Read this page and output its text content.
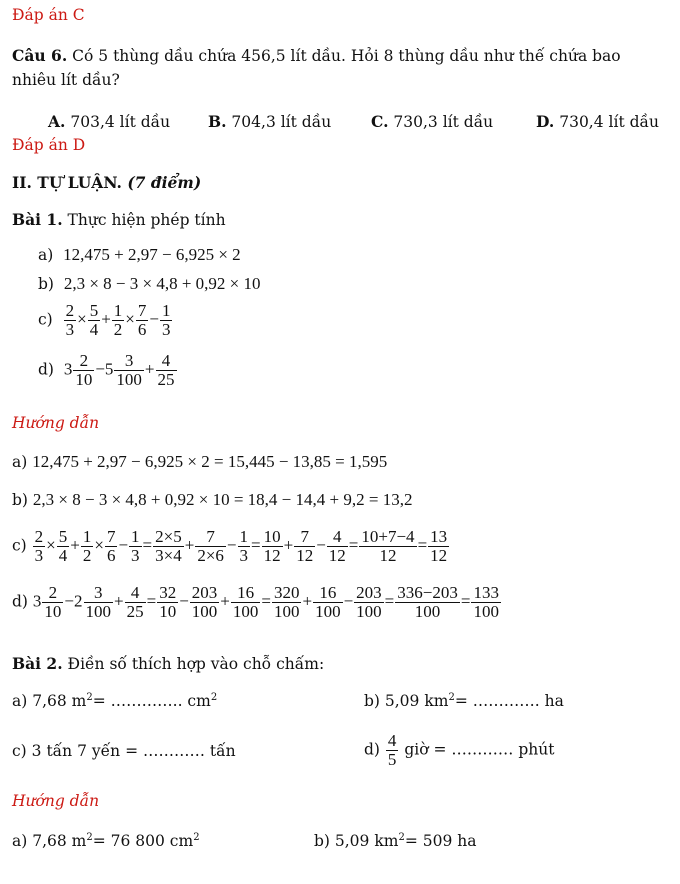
Đáp án C
Câu 6. Có 5 thùng dầu chứa 456,5 lít dầu. Hỏi 8 thùng dầu như thế chứa bao
nhiêu lít dầu?
A. 703,4 lít dầu B. 704,3 lít dầu	C. 730,3 lít dầu	D. 730,4 lít dầu
Đáp án D
II. TỰ LUẬN. (7 điểm)
Bài 1. Thực hiện phép tính
a)  12,475 + 2,97 − 6,925 × 2
b)  2,3 × 8 − 3 × 4,8 + 0,92 × 10
$c) \frac{2}{3} \times \frac{5}{4} + \frac{1}{2} \times \frac{7}{6} - \frac{1}{3}$
d)  $3 \frac{2}{10} -5 \frac{3}{100} + \frac{4}{25}$
Hướng dẫn
a) 12,475 + 2,97 − 6,925 × 2 = 15,445 − 13,85 = 1,595
b) 2,3 × 8 − 3 × 4,8 + 0,92 × 10 = 18,4 − 14,4 + 9,2 = 13,2
$c) \frac{2}{3} \times \frac{5}{4} + \frac{1}{2} \times \frac{7}{6} - \frac{1}{3} = \frac{2\times 5}{3\times 4} + \frac{7}{2\times 6} - \frac{1}{3} = \frac{10}{12} + \frac{7}{12} - \frac{4}{12} = \frac{10+7-4}{12} = \frac{13}{12}$
d) $3 \frac{2}{10} -2 \frac{3}{100} + \frac{4}{25} = \frac{32}{10} - \frac{203}{100} + \frac{16}{100} = \frac{320}{100} + \frac{16}{100} - \frac{203}{100} = \frac{336-203}{100} = \frac{133}{100}$
Bài 2. Điền số thích hợp vào chỗ chấm:
a) 7,68 $m^2=$ ………….. $cm^2$	b) 5,09 $km^2=$ …………. ha
c) 3 tấn 7 yến = ………… tấn	$d) \frac{4}{5}$ giờ = ………… phút
Hướng dẫn
a) 7,68 $m^2= 76$ 800 $cm^2$	b) 5,09 $km^2= 509$ ha
